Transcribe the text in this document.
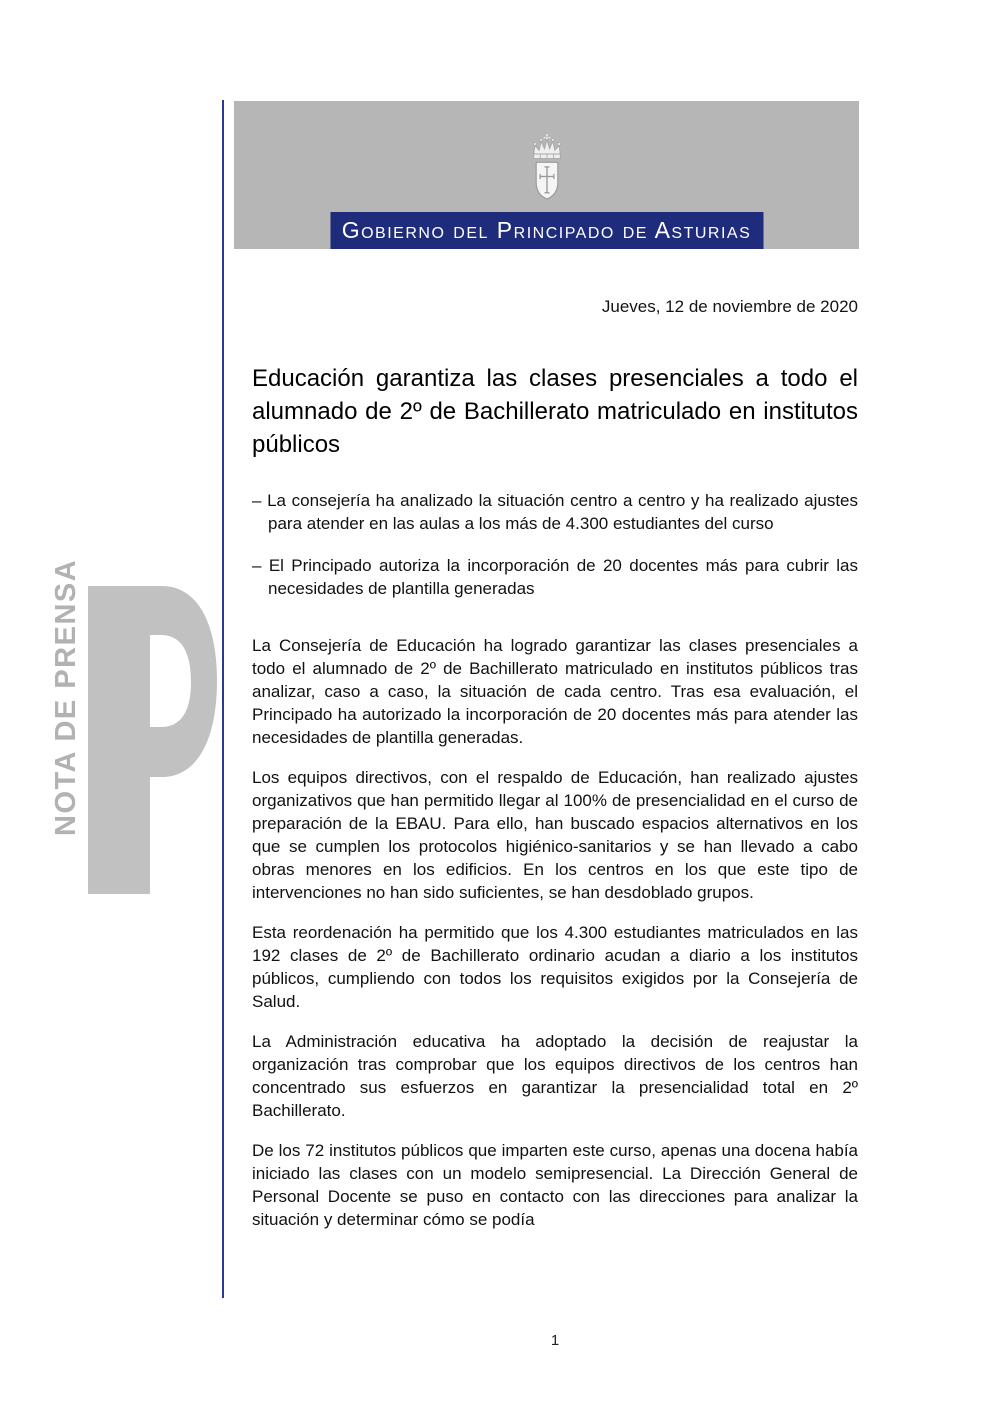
Gobierno del Principado de Asturias
NOTA DE PRENSA
Jueves, 12 de noviembre de 2020
Educación garantiza las clases presenciales a todo el alumnado de 2º de Bachillerato matriculado en institutos públicos
– La consejería ha analizado la situación centro a centro y ha realizado ajustes para atender en las aulas a los más de 4.300 estudiantes del curso
– El Principado autoriza la incorporación de 20 docentes más para cubrir las necesidades de plantilla generadas

La Consejería de Educación ha logrado garantizar las clases presenciales a todo el alumnado de 2º de Bachillerato matriculado en institutos públicos tras analizar, caso a caso, la situación de cada centro. Tras esa evaluación, el Principado ha autorizado la incorporación de 20 docentes más para atender las necesidades de plantilla generadas.

Los equipos directivos, con el respaldo de Educación, han realizado ajustes organizativos que han permitido llegar al 100% de presencialidad en el curso de preparación de la EBAU. Para ello, han buscado espacios alternativos en los que se cumplen los protocolos higiénico-sanitarios y se han llevado a cabo obras menores en los edificios. En los centros en los que este tipo de intervenciones no han sido suficientes, se han desdoblado grupos.

Esta reordenación ha permitido que los 4.300 estudiantes matriculados en las 192 clases de 2º de Bachillerato ordinario acudan a diario a los institutos públicos, cumpliendo con todos los requisitos exigidos por la Consejería de Salud.

La Administración educativa ha adoptado la decisión de reajustar la organización tras comprobar que los equipos directivos de los centros han concentrado sus esfuerzos en garantizar la presencialidad total en 2º Bachillerato.

De los 72 institutos públicos que imparten este curso, apenas una docena había iniciado las clases con un modelo semipresencial. La Dirección General de Personal Docente se puso en contacto con las direcciones para analizar la situación y determinar cómo se podía

1
